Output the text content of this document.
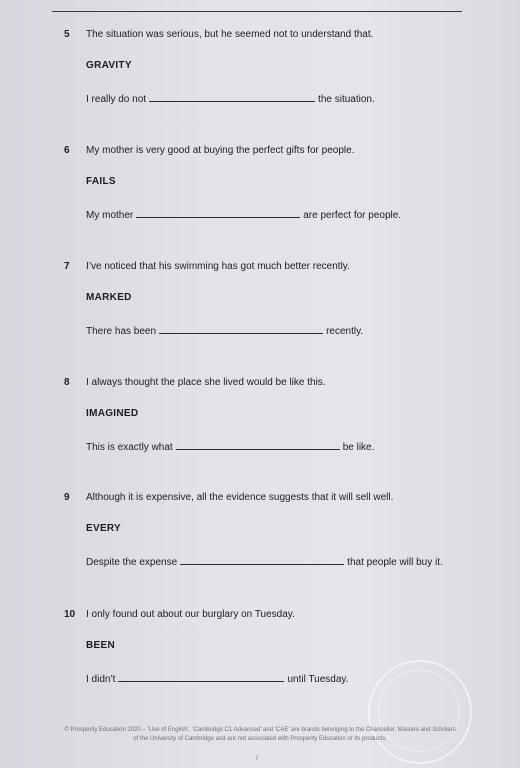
5	The situation was serious, but he seemed not to understand that.
GRAVITY
I really do not	the situation.
6	My mother is very good at buying the perfect gifts for people.
FAILS
My mother	are perfect for people.
7	I’ve noticed that his swimming has got much better recently.
MARKED
There has been	recently.
8	I always thought the place she lived would be like this.
IMAGINED
This is exactly what	be like.
9	Although it is expensive, all the evidence suggests that it will sell well.
EVERY
Despite the expense	that people will buy it.
10	I only found out about our burglary on Tuesday.
BEEN
I didn’t	until Tuesday.
© Prosperity Education 2020 – ‘Use of English’, ‘Cambridge C1 Advanced’ and ‘CAE’ are brands belonging to the Chancellor, Masters and Scholars
of the University of Cambridge and are not associated with Prosperity Education or its products.
7
